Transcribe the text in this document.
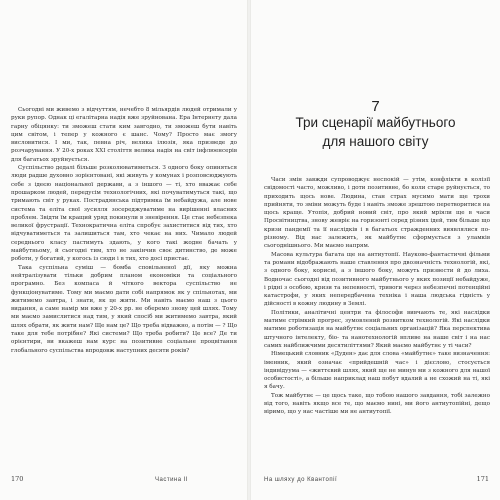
Сьогодні ми живемо з відчуттям, нечебто 8 мільярдів людей отримали у руки рупор. Однак ці егалітарна надія вже зруйнована. Ера Інтернету дала гарну обіцянку: ти зможеш стати ким завгодно, ти зможеш бути навіть цим світом, і тепер у кожного є шанс. Чому? Просто має змогу висловитися. І ми, так, певна річ, велика ілюзія, яка призведе до розчарування. У 20-х роках XXI століття велика надія на світ інфлюенсерів для багатьох зруйнується.

Суспільство дедалі більше розколюватиметься. З одного боку опиняться люди радше духовно зорієнтовані, які живуть у комунах і розповсюджують себе з ідеєю національної держави, а з іншого — ті, хто вважає себе прошарком людей, передусім технологічних, які почуватимуться такі, що тримають світ у руках. Пострадянська підтримка їм небайдужа, але нове система та еліта свої зусилля зосереджуватиме на вирішенні власних проблем. Звідти їм кращий уряд покинули в зневірення. Це стає небезпека великої фрустрації. Технократична еліта спробує захиститися від тих, хто відчуватиметься та залишиться там, хто чекає на них. Чимало людей середнього класу пастимуть здають, у кого такі жодне бачать у майбутньому, й сьогодні тим, хто не закінчив своє дитинство, де може роботи, у богатий, у когось із сюди і в тих, хто досі пристає.

Така суспільна суміш — бомба сповільненої дії, яку можна нейтралізувати тільки добрим планом економіки та соціального програмно. Без компаса й чіткого вектора суспільство не функціонуватиме. Тому ми маємо дати собі напрямок як у спільнотах, ми житимемо завтра, і знати, як це жити. Ми навіть маємо наш з цього видання, а саме намір ми вже у 20-х рр. не оберемо знову цей шлях. Тому ми маємо замислитися над тим, у який спосіб ми житимемо завтра, який шлях обрати, як жити нам? Ще нам це? Що треба відважно, а потім — ? Що таке для тебе потрібне? Які системи? Що треба робити? Це все? Де ти орієнтири, ви вкажеш нам курс на позитивне соціальне процвітання глобального суспільства впродовж наступних десяти років?

170	Частина II
7
Три сценарії майбутнього
для нашого світу

Часи змін завжди супроводжує неспокій — утім, конфлікти в колізії свідомості часто, можливо, і доти позитивне, бо коли старе руйнується, то приходить щось нове. Людина, стан страх мусимо мати ще трохи прийняти, то зміни можуть буде і навіть зможе зрештою перетворитися на щось краще. Утопія, добрий новий світ, про який мріяли ще в часи Просвітництва, знову жевріє на горизонті серед різних ідей, тим більше що кризи пандемії та її наслідків і в багатьох стражденних виявлялися по-різному. Від нас залежить, як майбутнє сформується з уламків сьогоднішнього. Ми маємо напрям.

Масова культура багата ще на антиутопії. Науково-фантастичні фільми та романи відображають наше ставлення про двозначність технологій, які, з одного боку, корисні, а з іншого боку, можуть призвести й до лиха. Водночас сьогодні від позитивного майбутнього у яких позиції небайдуже, і рідні з особою, кризи та непевності, тривоги через небезпечні потенційні катастрофи, у яких непередбачена техніка і наша людська гідність у дійсності в кожну людину в Землі.

Політики, аналітичні центри та філософи вивчають те, які наслідки матиме стрімкий прогрес, зумовлений розвитком технологій. Які наслідки матиме роботизація на майбутнє соціальних організацій? Яка перспектива штучного інтелекту, біо- та нанотехнологій впливе на наше світ і на нас самих найближчими десятиліттями? Який маємо майбутнє у ті часи?

Німецький словник «Дуден» дає для слова «майбутнє» таке визначення: іменник, який означає «прийдешній час» і дієслово, стосується індивідуума — «життєвий шлях, який ще не минув ми з кожного для нашої особистості», а більше наприклад наш побут вдалий а не схожий на ті, які я бачу.

Тож майбутнє — це щось таке, що тобою нашого завдання, тобі залежно від того, навіть якщо все те, що маємо нині, ми його антиутопійні, дещо віримо, що у нас частіше ми не антиутопії.

На шляху до Квантопії	171
